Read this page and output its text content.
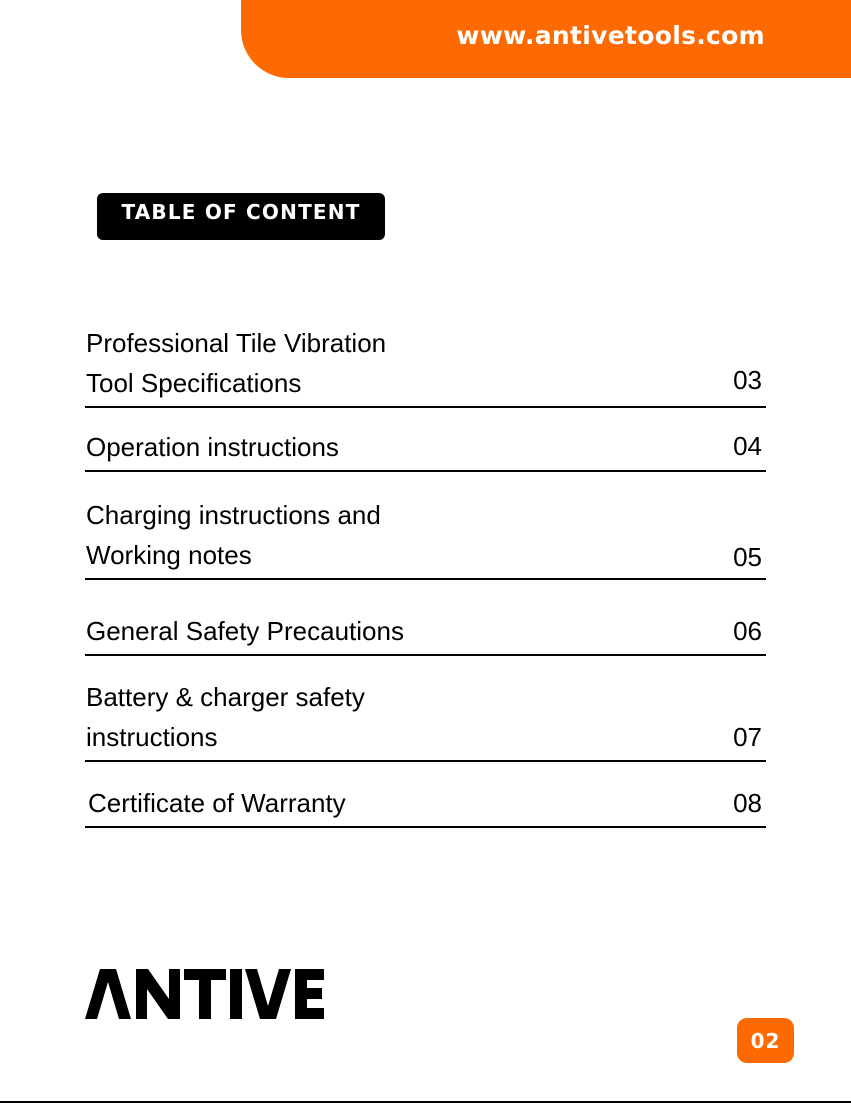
www.antivetools.com
TABLE OF CONTENT
Professional Tile Vibration
Tool Specifications	03
Operation instructions	04
Charging instructions and
Working notes	05
General Safety Precautions	06
Battery & charger safety
instructions	07
Certificate of Warranty	08
02
